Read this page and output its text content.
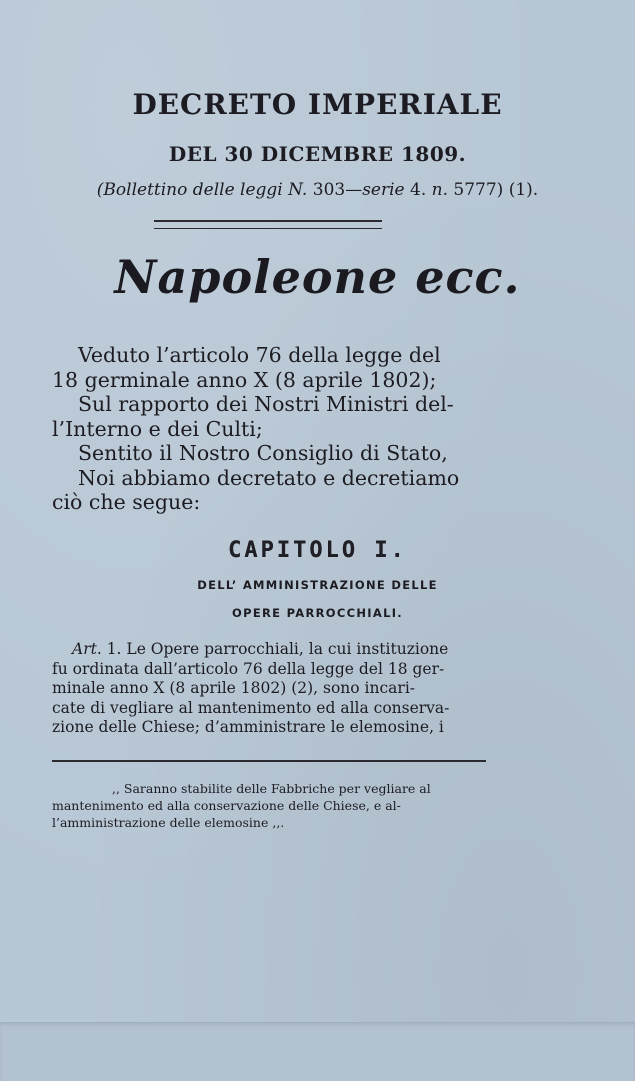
DECRETO IMPERIALE
DEL 30 DICEMBRE 1809.
(Bollettino delle leggi N. 303—serie 4. n. 5777) (1).
Napoleone ecc.

Veduto l’articolo 76 della legge del

18 germinale anno X (8 aprile 1802);

Sul rapporto dei Nostri Ministri del-

l’Interno e dei Culti;

Sentito il Nostro Consiglio di Stato,

Noi abbiamo decretato e decretiamo

ciò che segue:

CAPITOLO I.
DELL’ AMMINISTRAZIONE DELLE
OPERE PARROCCHIALI.

Art. 1. Le Opere parrocchiali, la cui instituzione

fu ordinata dall’articolo 76 della legge del 18 ger-

minale anno X (8 aprile 1802) (2), sono incari-

cate di vegliare al mantenimento ed alla conserva-

zione delle Chiese; d’amministrare le elemosine, i

,, Saranno stabilite delle Fabbriche per vegliare al

mantenimento ed alla conservazione delle Chiese, e al-

l’amministrazione delle elemosine ,,.
